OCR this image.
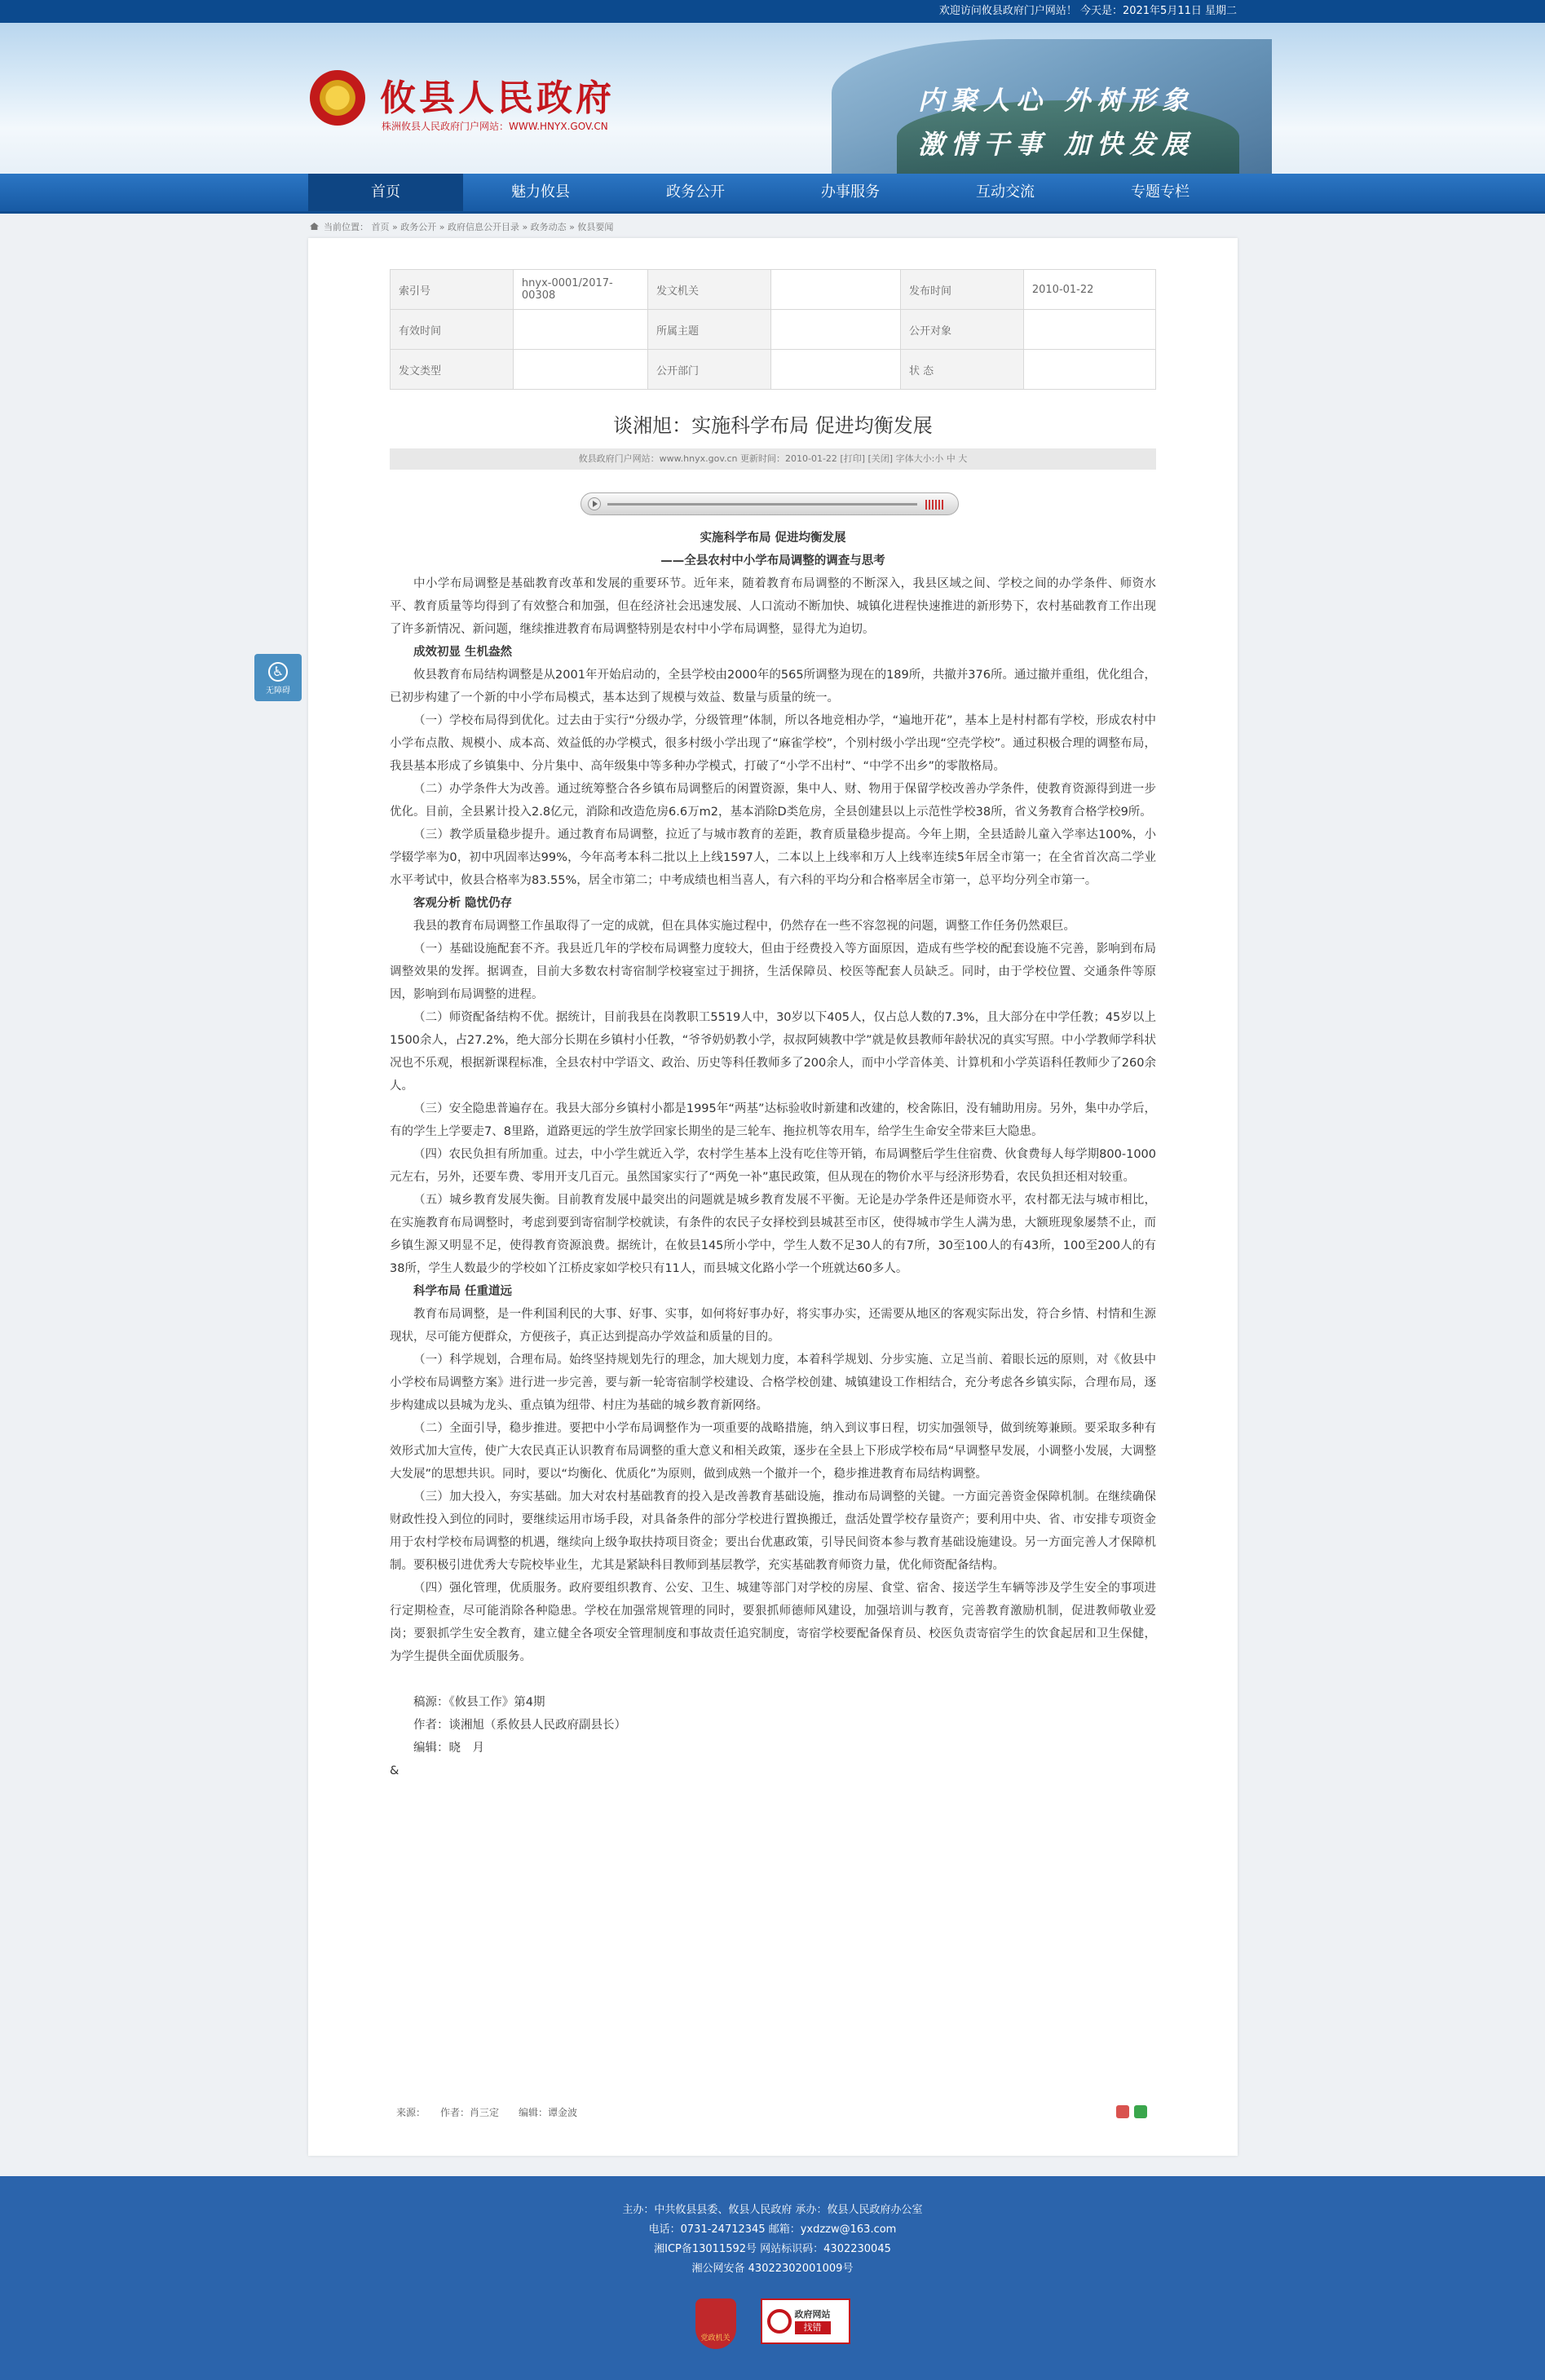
欢迎访问攸县政府门户网站！ 今天是：2021年5月11日 星期二
攸县人民政府
株洲攸县人民政府门户网站：WWW.HNYX.GOV.CN
内聚人心 外树形象
激情干事 加快发展
首页	魅力攸县	政务公开	办事服务	互动交流	专题专栏
当前位置： 首页 » 政务公开 » 政府信息公开目录 » 政务动态 » 攸县要闻
♿
无障碍
索引号	hnyx-0001/2017-00308	发文机关		发布时间	2010-01-22
有效时间		所属主题		公开对象	
发文类型		公开部门		状 态	
谈湘旭：实施科学布局 促进均衡发展
攸县政府门户网站：www.hnyx.gov.cn 更新时间：2010-01-22 [打印] [关闭] 字体大小:小 中 大

实施科学布局 促进均衡发展

——全县农村中小学布局调整的调查与思考

中小学布局调整是基础教育改革和发展的重要环节。近年来，随着教育布局调整的不断深入，我县区域之间、学校之间的办学条件、师资水平、教育质量等均得到了有效整合和加强，但在经济社会迅速发展、人口流动不断加快、城镇化进程快速推进的新形势下，农村基础教育工作出现了许多新情况、新问题，继续推进教育布局调整特别是农村中小学布局调整，显得尤为迫切。

成效初显 生机盎然

攸县教育布局结构调整是从2001年开始启动的，全县学校由2000年的565所调整为现在的189所，共撤并376所。通过撤并重组，优化组合，已初步构建了一个新的中小学布局模式，基本达到了规模与效益、数量与质量的统一。

（一）学校布局得到优化。过去由于实行“分级办学，分级管理”体制，所以各地竞相办学，“遍地开花”，基本上是村村都有学校，形成农村中小学布点散、规模小、成本高、效益低的办学模式，很多村级小学出现了“麻雀学校”，个别村级小学出现“空壳学校”。通过积极合理的调整布局，我县基本形成了乡镇集中、分片集中、高年级集中等多种办学模式，打破了“小学不出村”、“中学不出乡”的零散格局。

（二）办学条件大为改善。通过统筹整合各乡镇布局调整后的闲置资源，集中人、财、物用于保留学校改善办学条件，使教育资源得到进一步优化。目前，全县累计投入2.8亿元，消除和改造危房6.6万m2，基本消除D类危房，全县创建县以上示范性学校38所，省义务教育合格学校9所。

（三）教学质量稳步提升。通过教育布局调整，拉近了与城市教育的差距，教育质量稳步提高。今年上期，全县适龄儿童入学率达100%，小学辍学率为0，初中巩固率达99%，今年高考本科二批以上上线1597人，二本以上上线率和万人上线率连续5年居全市第一；在全省首次高二学业水平考试中，攸县合格率为83.55%，居全市第二；中考成绩也相当喜人，有六科的平均分和合格率居全市第一，总平均分列全市第一。

客观分析 隐忧仍存

我县的教育布局调整工作虽取得了一定的成就，但在具体实施过程中，仍然存在一些不容忽视的问题，调整工作任务仍然艰巨。

（一）基础设施配套不齐。我县近几年的学校布局调整力度较大，但由于经费投入等方面原因，造成有些学校的配套设施不完善，影响到布局调整效果的发挥。据调查，目前大多数农村寄宿制学校寝室过于拥挤，生活保障员、校医等配套人员缺乏。同时，由于学校位置、交通条件等原因，影响到布局调整的进程。

（二）师资配备结构不优。据统计，目前我县在岗教职工5519人中，30岁以下405人，仅占总人数的7.3%，且大部分在中学任教；45岁以上1500余人，占27.2%，绝大部分长期在乡镇村小任教，“爷爷奶奶教小学，叔叔阿姨教中学”就是攸县教师年龄状况的真实写照。中小学教师学科状况也不乐观，根据新课程标准，全县农村中学语文、政治、历史等科任教师多了200余人，而中小学音体美、计算机和小学英语科任教师少了260余人。

（三）安全隐患普遍存在。我县大部分乡镇村小都是1995年“两基”达标验收时新建和改建的，校舍陈旧，没有辅助用房。另外，集中办学后，有的学生上学要走7、8里路，道路更远的学生放学回家长期坐的是三轮车、拖拉机等农用车，给学生生命安全带来巨大隐患。

（四）农民负担有所加重。过去，中小学生就近入学，农村学生基本上没有吃住等开销，布局调整后学生住宿费、伙食费每人每学期800-1000元左右，另外，还要车费、零用开支几百元。虽然国家实行了“两免一补”惠民政策，但从现在的物价水平与经济形势看，农民负担还相对较重。

（五）城乡教育发展失衡。目前教育发展中最突出的问题就是城乡教育发展不平衡。无论是办学条件还是师资水平，农村都无法与城市相比，在实施教育布局调整时，考虑到要到寄宿制学校就读，有条件的农民子女择校到县城甚至市区，使得城市学生人满为患，大额班现象屡禁不止，而乡镇生源又明显不足，使得教育资源浪费。据统计，在攸县145所小学中，学生人数不足30人的有7所，30至100人的有43所，100至200人的有38所，学生人数最少的学校如丫江桥皮家如学校只有11人，而县城文化路小学一个班就达60多人。

科学布局 任重道远

教育布局调整，是一件利国利民的大事、好事、实事，如何将好事办好，将实事办实，还需要从地区的客观实际出发，符合乡情、村情和生源现状，尽可能方便群众，方便孩子，真正达到提高办学效益和质量的目的。

（一）科学规划，合理布局。始终坚持规划先行的理念，加大规划力度，本着科学规划、分步实施、立足当前、着眼长远的原则，对《攸县中小学校布局调整方案》进行进一步完善，要与新一轮寄宿制学校建设、合格学校创建、城镇建设工作相结合，充分考虑各乡镇实际，合理布局，逐步构建成以县城为龙头、重点镇为纽带、村庄为基础的城乡教育新网络。

（二）全面引导，稳步推进。要把中小学布局调整作为一项重要的战略措施，纳入到议事日程，切实加强领导，做到统筹兼顾。要采取多种有效形式加大宣传，使广大农民真正认识教育布局调整的重大意义和相关政策，逐步在全县上下形成学校布局“早调整早发展，小调整小发展，大调整大发展”的思想共识。同时，要以“均衡化、优质化”为原则，做到成熟一个撤并一个，稳步推进教育布局结构调整。

（三）加大投入，夯实基础。加大对农村基础教育的投入是改善教育基础设施，推动布局调整的关键。一方面完善资金保障机制。在继续确保财政性投入到位的同时，要继续运用市场手段，对具备条件的部分学校进行置换搬迁，盘活处置学校存量资产；要利用中央、省、市安排专项资金用于农村学校布局调整的机遇，继续向上级争取扶持项目资金；要出台优惠政策，引导民间资本参与教育基础设施建设。另一方面完善人才保障机制。要积极引进优秀大专院校毕业生，尤其是紧缺科目教师到基层教学，充实基础教育师资力量，优化师资配备结构。

（四）强化管理，优质服务。政府要组织教育、公安、卫生、城建等部门对学校的房屋、食堂、宿舍、接送学生车辆等涉及学生安全的事项进行定期检查，尽可能消除各种隐患。学校在加强常规管理的同时，要狠抓师德师风建设，加强培训与教育，完善教育激励机制，促进教师敬业爱岗；要狠抓学生安全教育，建立健全各项安全管理制度和事故责任追究制度，寄宿学校要配备保育员、校医负责寄宿学生的饮食起居和卫生保健，为学生提供全面优质服务。

稿源：《攸县工作》第4期

作者：谈湘旭（系攸县人民政府副县长）

编辑：晓　月

&
来源：　　作者：肖三定　　编辑：谭金波
主办：中共攸县县委、攸县人民政府 承办：攸县人民政府办公室
电话：0731-24712345 邮箱：yxdzzw@163.com
湘ICP备13011592号 网站标识码：4302230045
湘公网安备 43022302001009号
党政机关
政府网站
找错
